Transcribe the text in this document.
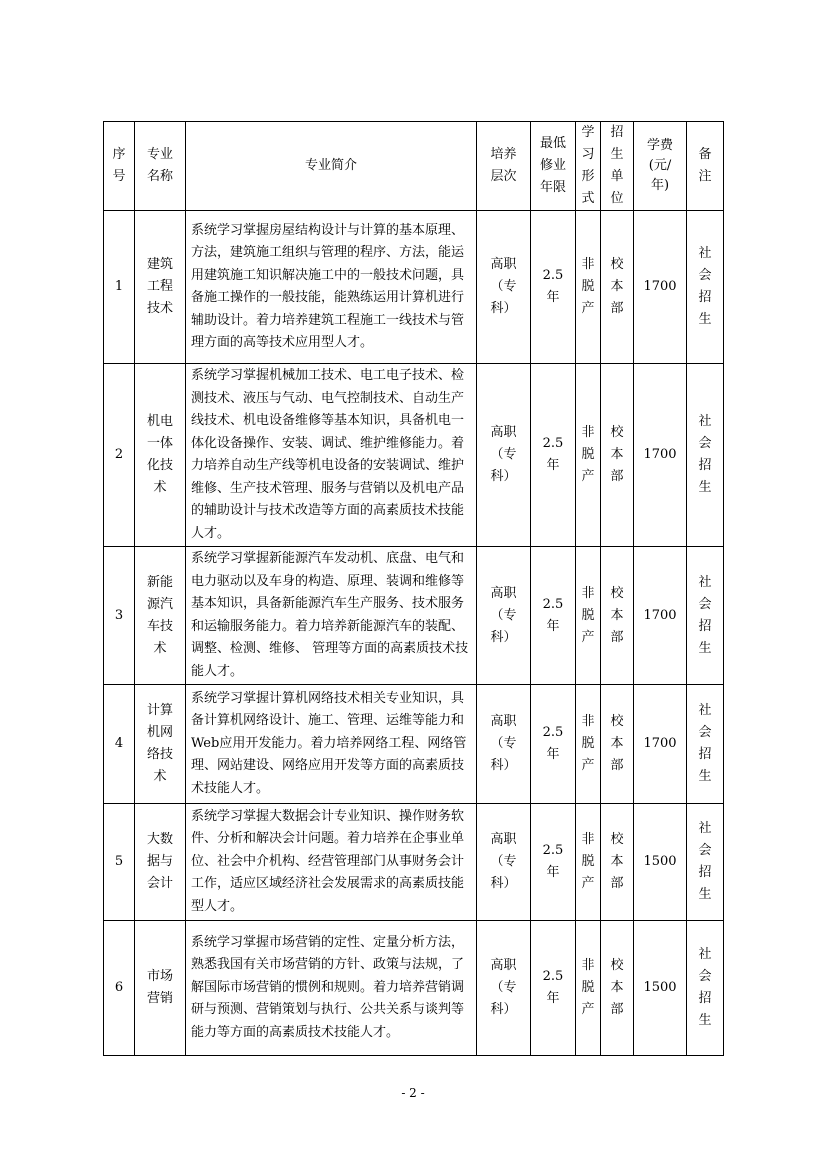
序号	专业名称	专业简介	培养层次	最低修业年限	学习形式	招生单位	学费(元/年)	备注
1	建筑工程技术	系统学习掌握房屋结构设计与计算的基本原理、方法，建筑施工组织与管理的程序、方法，能运用建筑施工知识解决施工中的一般技术问题，具备施工操作的一般技能，能熟练运用计算机进行辅助设计。着力培养建筑工程施工一线技术与管理方面的高等技术应用型人才。	高职（专科）	2.5年	非脱产	校本部	1700	社会招生
2	机电一体化技术	系统学习掌握机械加工技术、电工电子技术、检测技术、液压与气动、电气控制技术、自动生产线技术、机电设备维修等基本知识，具备机电一体化设备操作、安装、调试、维护维修能力。着力培养自动生产线等机电设备的安装调试、维护维修、生产技术管理、服务与营销以及机电产品的辅助设计与技术改造等方面的高素质技术技能人才。	高职（专科）	2.5年	非脱产	校本部	1700	社会招生
3	新能源汽车技术	系统学习掌握新能源汽车发动机、底盘、电气和电力驱动以及车身的构造、原理、装调和维修等基本知识，具备新能源汽车生产服务、技术服务和运输服务能力。着力培养新能源汽车的装配、调整、检测、维修、 管理等方面的高素质技术技能人才。	高职（专科）	2.5年	非脱产	校本部	1700	社会招生
4	计算机网络技术	系统学习掌握计算机网络技术相关专业知识，具备计算机网络设计、施工、管理、运维等能力和Web应用开发能力。着力培养网络工程、网络管理、网站建设、网络应用开发等方面的高素质技术技能人才。	高职（专科）	2.5年	非脱产	校本部	1700	社会招生
5	大数据与会计	系统学习掌握大数据会计专业知识、操作财务软件、分析和解决会计问题。着力培养在企事业单位、社会中介机构、经营管理部门从事财务会计工作，适应区域经济社会发展需求的高素质技能型人才。	高职（专科）	2.5年	非脱产	校本部	1500	社会招生
6	市场营销	系统学习掌握市场营销的定性、定量分析方法，熟悉我国有关市场营销的方针、政策与法规，了解国际市场营销的惯例和规则。着力培养营销调研与预测、营销策划与执行、公共关系与谈判等能力等方面的高素质技术技能人才。	高职（专科）	2.5年	非脱产	校本部	1500	社会招生
- 2 -
